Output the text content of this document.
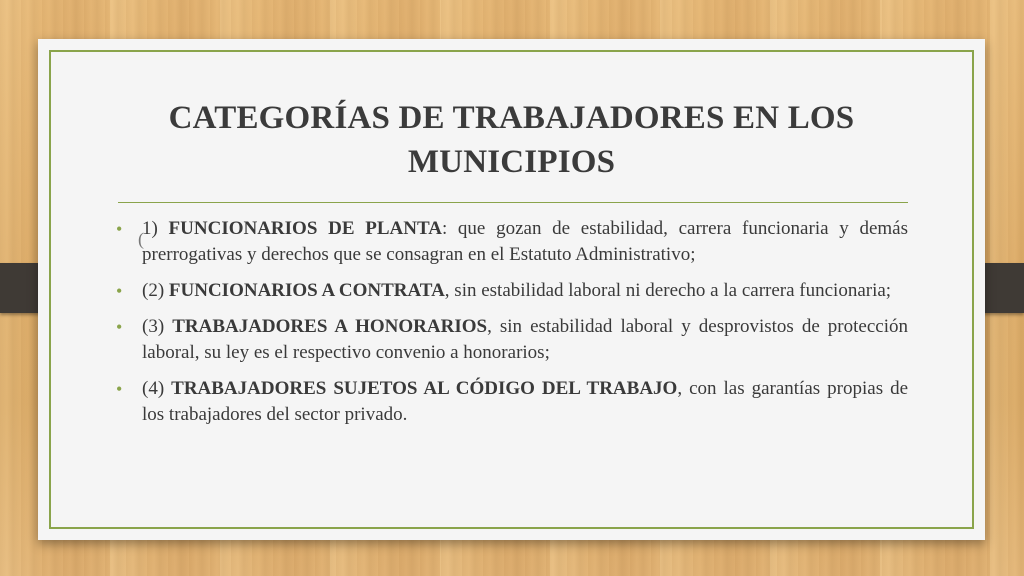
CATEGORÍAS DE TRABAJADORES EN LOS MUNICIPIOS
• (
1) FUNCIONARIOS DE PLANTA: que gozan de estabilidad, carrera funcionaria y demás prerrogativas y derechos que se consagran en el Estatuto Administrativo;
• (2) FUNCIONARIOS A CONTRATA, sin estabilidad laboral ni derecho a la carrera funcionaria;
• (3) TRABAJADORES A HONORARIOS, sin estabilidad laboral y desprovistos de protección laboral, su ley es el respectivo convenio a honorarios;
• (4) TRABAJADORES SUJETOS AL CÓDIGO DEL TRABAJO, con las garantías propias de los trabajadores del sector privado.
